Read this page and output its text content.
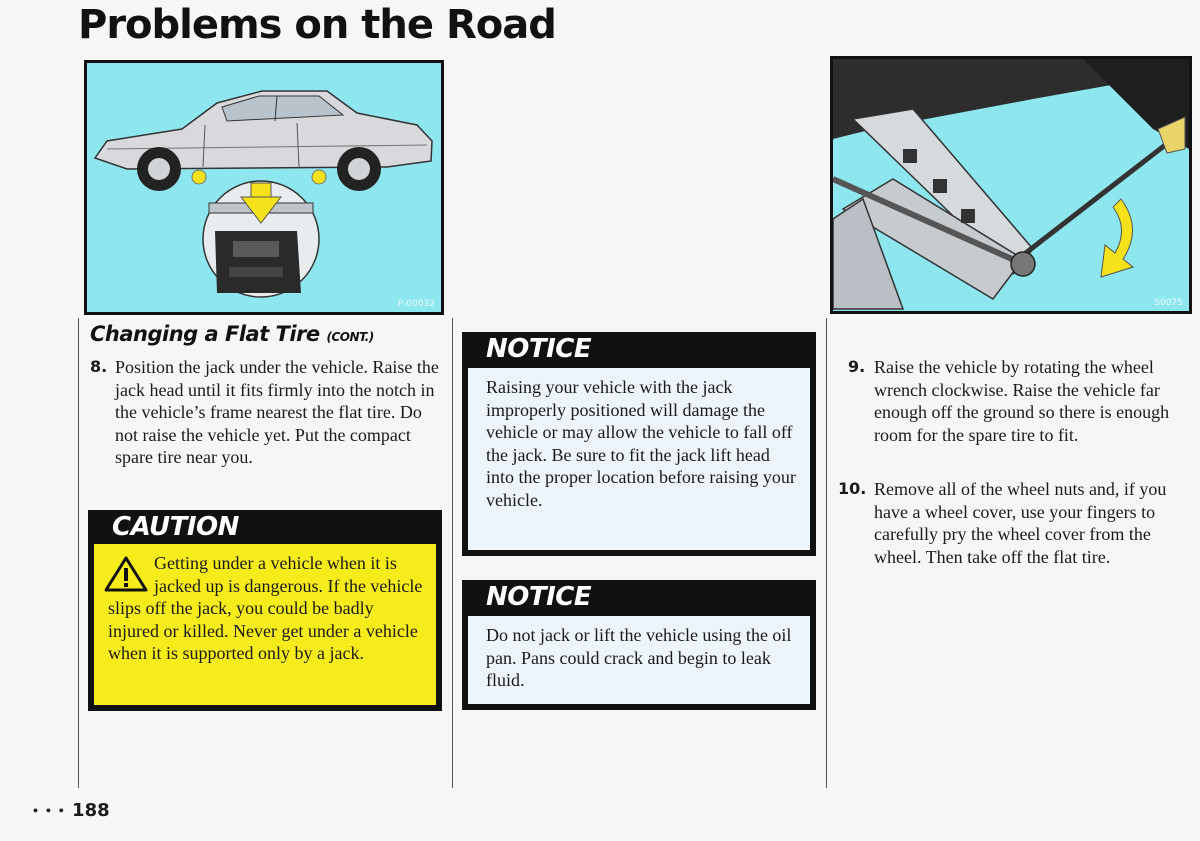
Problems on the Road
P-00032	S0075
Changing a Flat Tire (CONT.)
8. Position the jack under the vehicle. Raise the jack head until it fits firmly into the notch in the vehicle’s frame nearest the flat tire. Do not raise the vehicle yet. Put the compact spare tire near you.

CAUTION

Getting under a vehicle when it is jacked up is dangerous. If the vehicle slips off the jack, you could be badly injured or killed. Never get under a vehicle when it is supported only by a jack.

NOTICE

Raising your vehicle with the jack improperly positioned will damage the vehicle or may allow the vehicle to fall off the jack. Be sure to fit the jack lift head into the proper location before raising your vehicle.

NOTICE

Do not jack or lift the vehicle using the oil pan. Pans could crack and begin to leak fluid.

9. Raise the vehicle by rotating the wheel wrench clockwise. Raise the vehicle far enough off the ground so there is enough room for the spare tire to fit.

10. Remove all of the wheel nuts and, if you have a wheel cover, use your fingers to carefully pry the wheel cover from the wheel. Then take off the flat tire.

• • • 188
